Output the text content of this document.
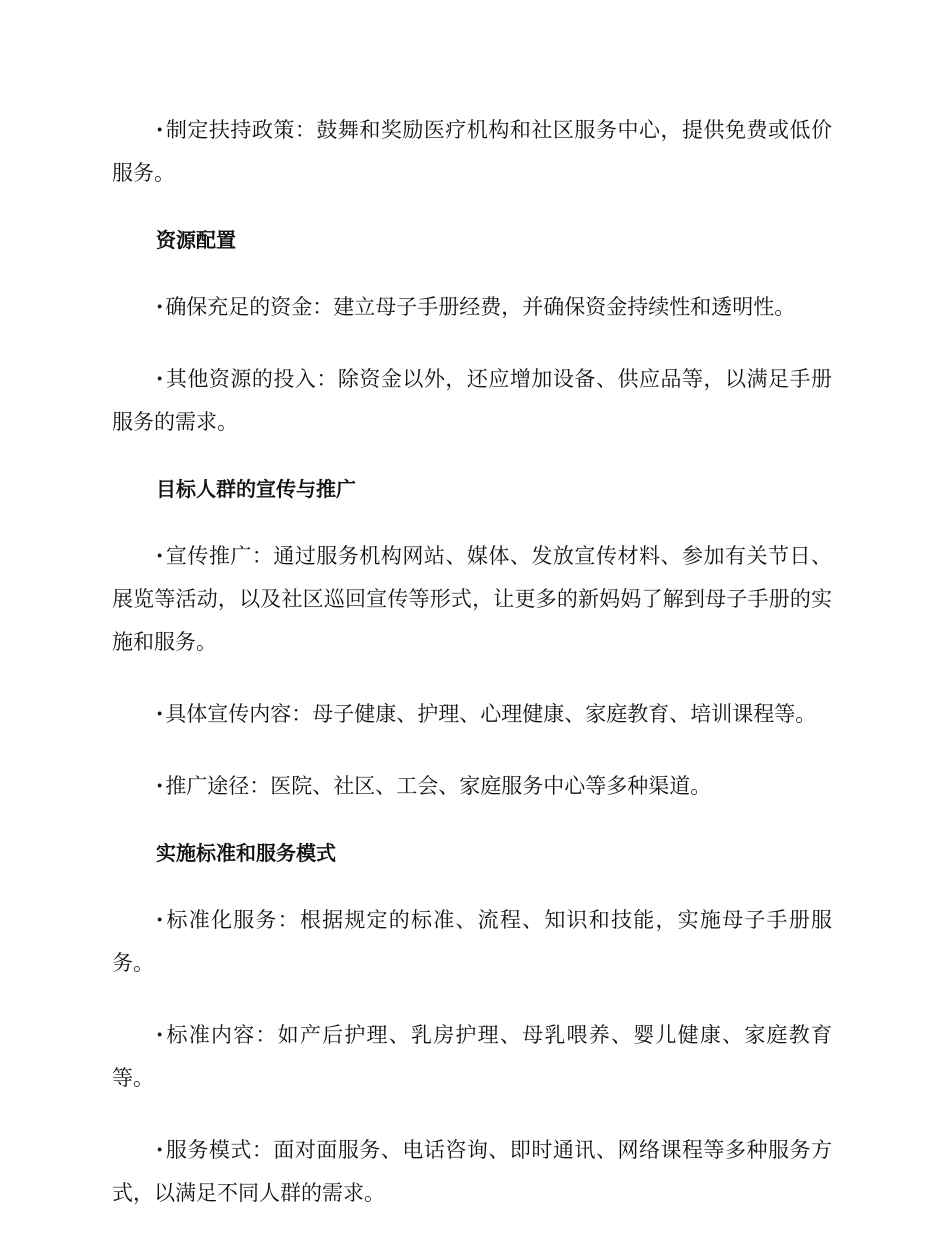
·制定扶持政策：鼓舞和奖励医疗机构和社区服务中心，提供免费或低价服务。

资源配置

·确保充足的资金：建立母子手册经费，并确保资金持续性和透明性。

·其他资源的投入：除资金以外，还应增加设备、供应品等，以满足手册服务的需求。

目标人群的宣传与推广

·宣传推广：通过服务机构网站、媒体、发放宣传材料、参加有关节日、展览等活动，以及社区巡回宣传等形式，让更多的新妈妈了解到母子手册的实施和服务。

·具体宣传内容：母子健康、护理、心理健康、家庭教育、培训课程等。

·推广途径：医院、社区、工会、家庭服务中心等多种渠道。

实施标准和服务模式

·标准化服务：根据规定的标准、流程、知识和技能，实施母子手册服务。

·标准内容：如产后护理、乳房护理、母乳喂养、婴儿健康、家庭教育等。

·服务模式：面对面服务、电话咨询、即时通讯、网络课程等多种服务方式，以满足不同人群的需求。
